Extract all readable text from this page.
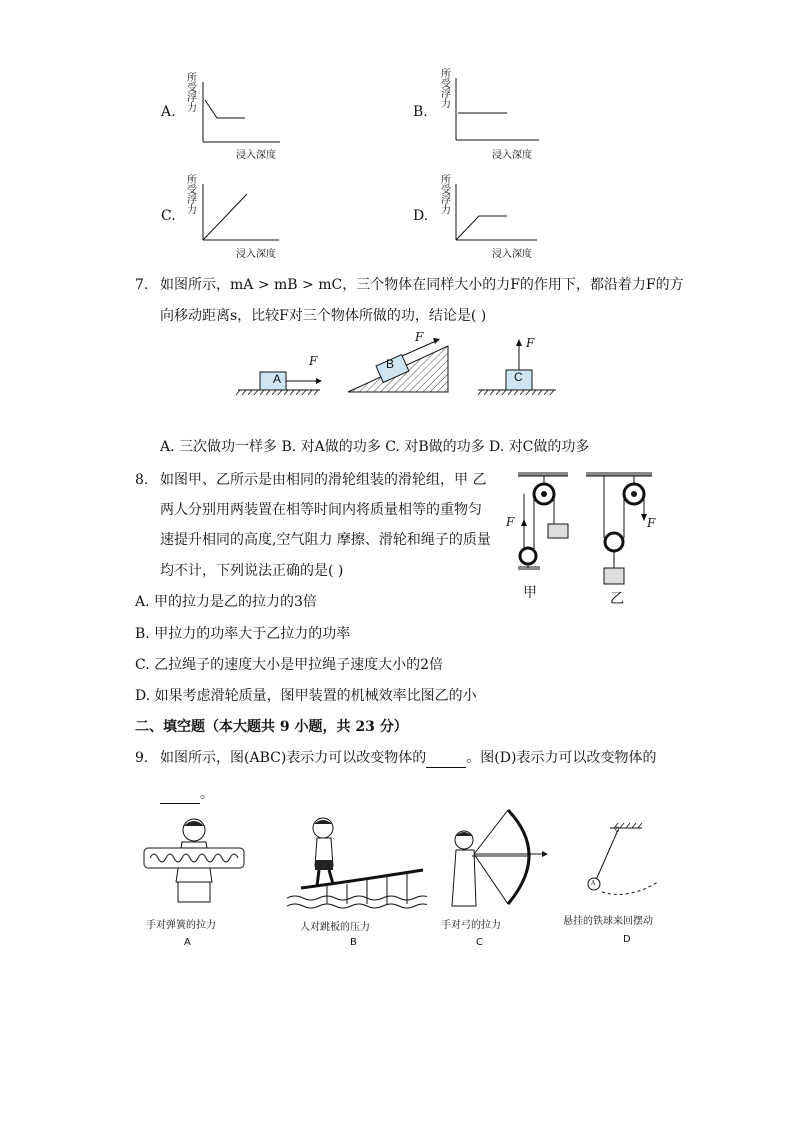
A.
所受浮力
浸入深度
B.
所受浮力
浸入深度
C.
所受浮力
浸入深度
D.
所受浮力
浸入深度
7. 如图所示，mA > mB > mC，三个物体在同样大小的力F的作用下，都沿着力F的方
向移动距离s，比较F对三个物体所做的功，结论是( )
A
B
C
F
F	F
A. 三次做功一样多 B. 对A做的功多 C. 对B做的功多 D. 对C做的功多
8. 如图甲、乙所示是由相同的滑轮组装的滑轮组，甲 乙
两人分别用两装置在相等时间内将质量相等的重物匀
速提升相同的高度,空气阻力 摩擦、滑轮和绳子的质量
均不计，下列说法正确的是( )
F	F
甲	乙
A. 甲的拉力是乙的拉力的3倍
B. 甲拉力的功率大于乙拉力的功率
C. 乙拉绳子的速度大小是甲拉绳子速度大小的2倍
D. 如果考虑滑轮质量，图甲装置的机械效率比图乙的小
二、填空题（本大题共 9 小题，共 23 分）
9. 如图所示，图(ABC)表示力可以改变物体的	。图(D)表示力可以改变物体的
。
手对弹簧的拉力
A
人对跳板的压力
B
手对弓的拉力
C
0
A
悬挂的铁球来回摆动
D
